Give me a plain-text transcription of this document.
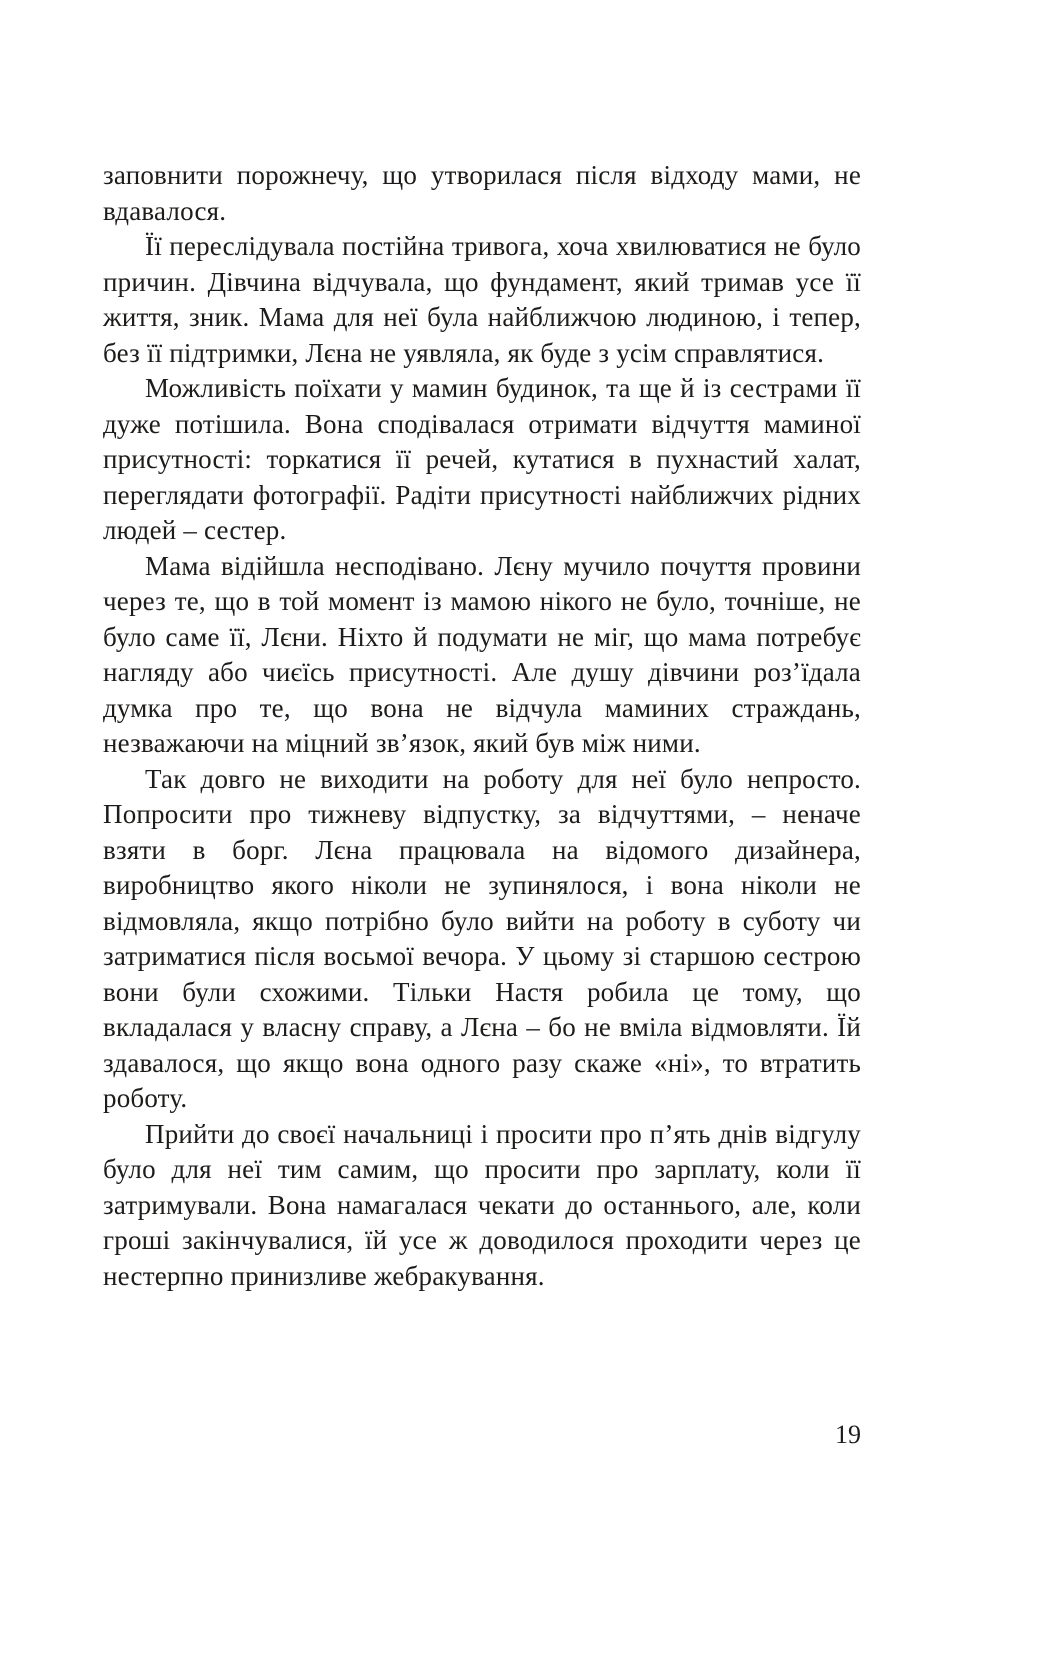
заповнити порожнечу, що утворилася після відходу мами, не вдавалося.

Її переслідувала постійна тривога, хоча хвилюватися не було причин. Дівчина відчувала, що фундамент, який тримав усе її життя, зник. Мама для неї була найближчою людиною, і тепер, без її підтримки, Лєна не уявляла, як буде з усім справлятися.

Можливість поїхати у мамин будинок, та ще й із сестрами її дуже потішила. Вона сподівалася отримати відчуття маминої присутності: торкатися її речей, кутатися в пухнастий халат, переглядати фотографії. Радіти присутності найближчих рідних людей – сестер.

Мама відійшла несподівано. Лєну мучило почуття провини через те, що в той момент із мамою нікого не було, точніше, не було саме її, Лєни. Ніхто й подумати не міг, що мама потребує нагляду або чиєїсь присутності. Але душу дівчини роз’їдала думка про те, що вона не відчула маминих страждань, незважаючи на міцний зв’язок, який був між ними.

Так довго не виходити на роботу для неї було непросто. Попросити про тижневу відпустку, за відчуттями, – неначе взяти в борг. Лєна працювала на відомого дизайнера, виробництво якого ніколи не зупинялося, і вона ніколи не відмовляла, якщо потрібно було вийти на роботу в суботу чи затриматися після восьмої вечора. У цьому зі старшою сестрою вони були схожими. Тільки Настя робила це тому, що вкладалася у власну справу, а Лєна – бо не вміла відмовляти. Їй здавалося, що якщо вона одного разу скаже «ні», то втратить роботу.

Прийти до своєї начальниці і просити про п’ять днів відгулу було для неї тим самим, що просити про зарплату, коли її затримували. Вона намагалася чекати до останнього, але, коли гроші закінчувалися, їй усе ж доводилося проходити через це нестерпно принизливе жебракування.

19
